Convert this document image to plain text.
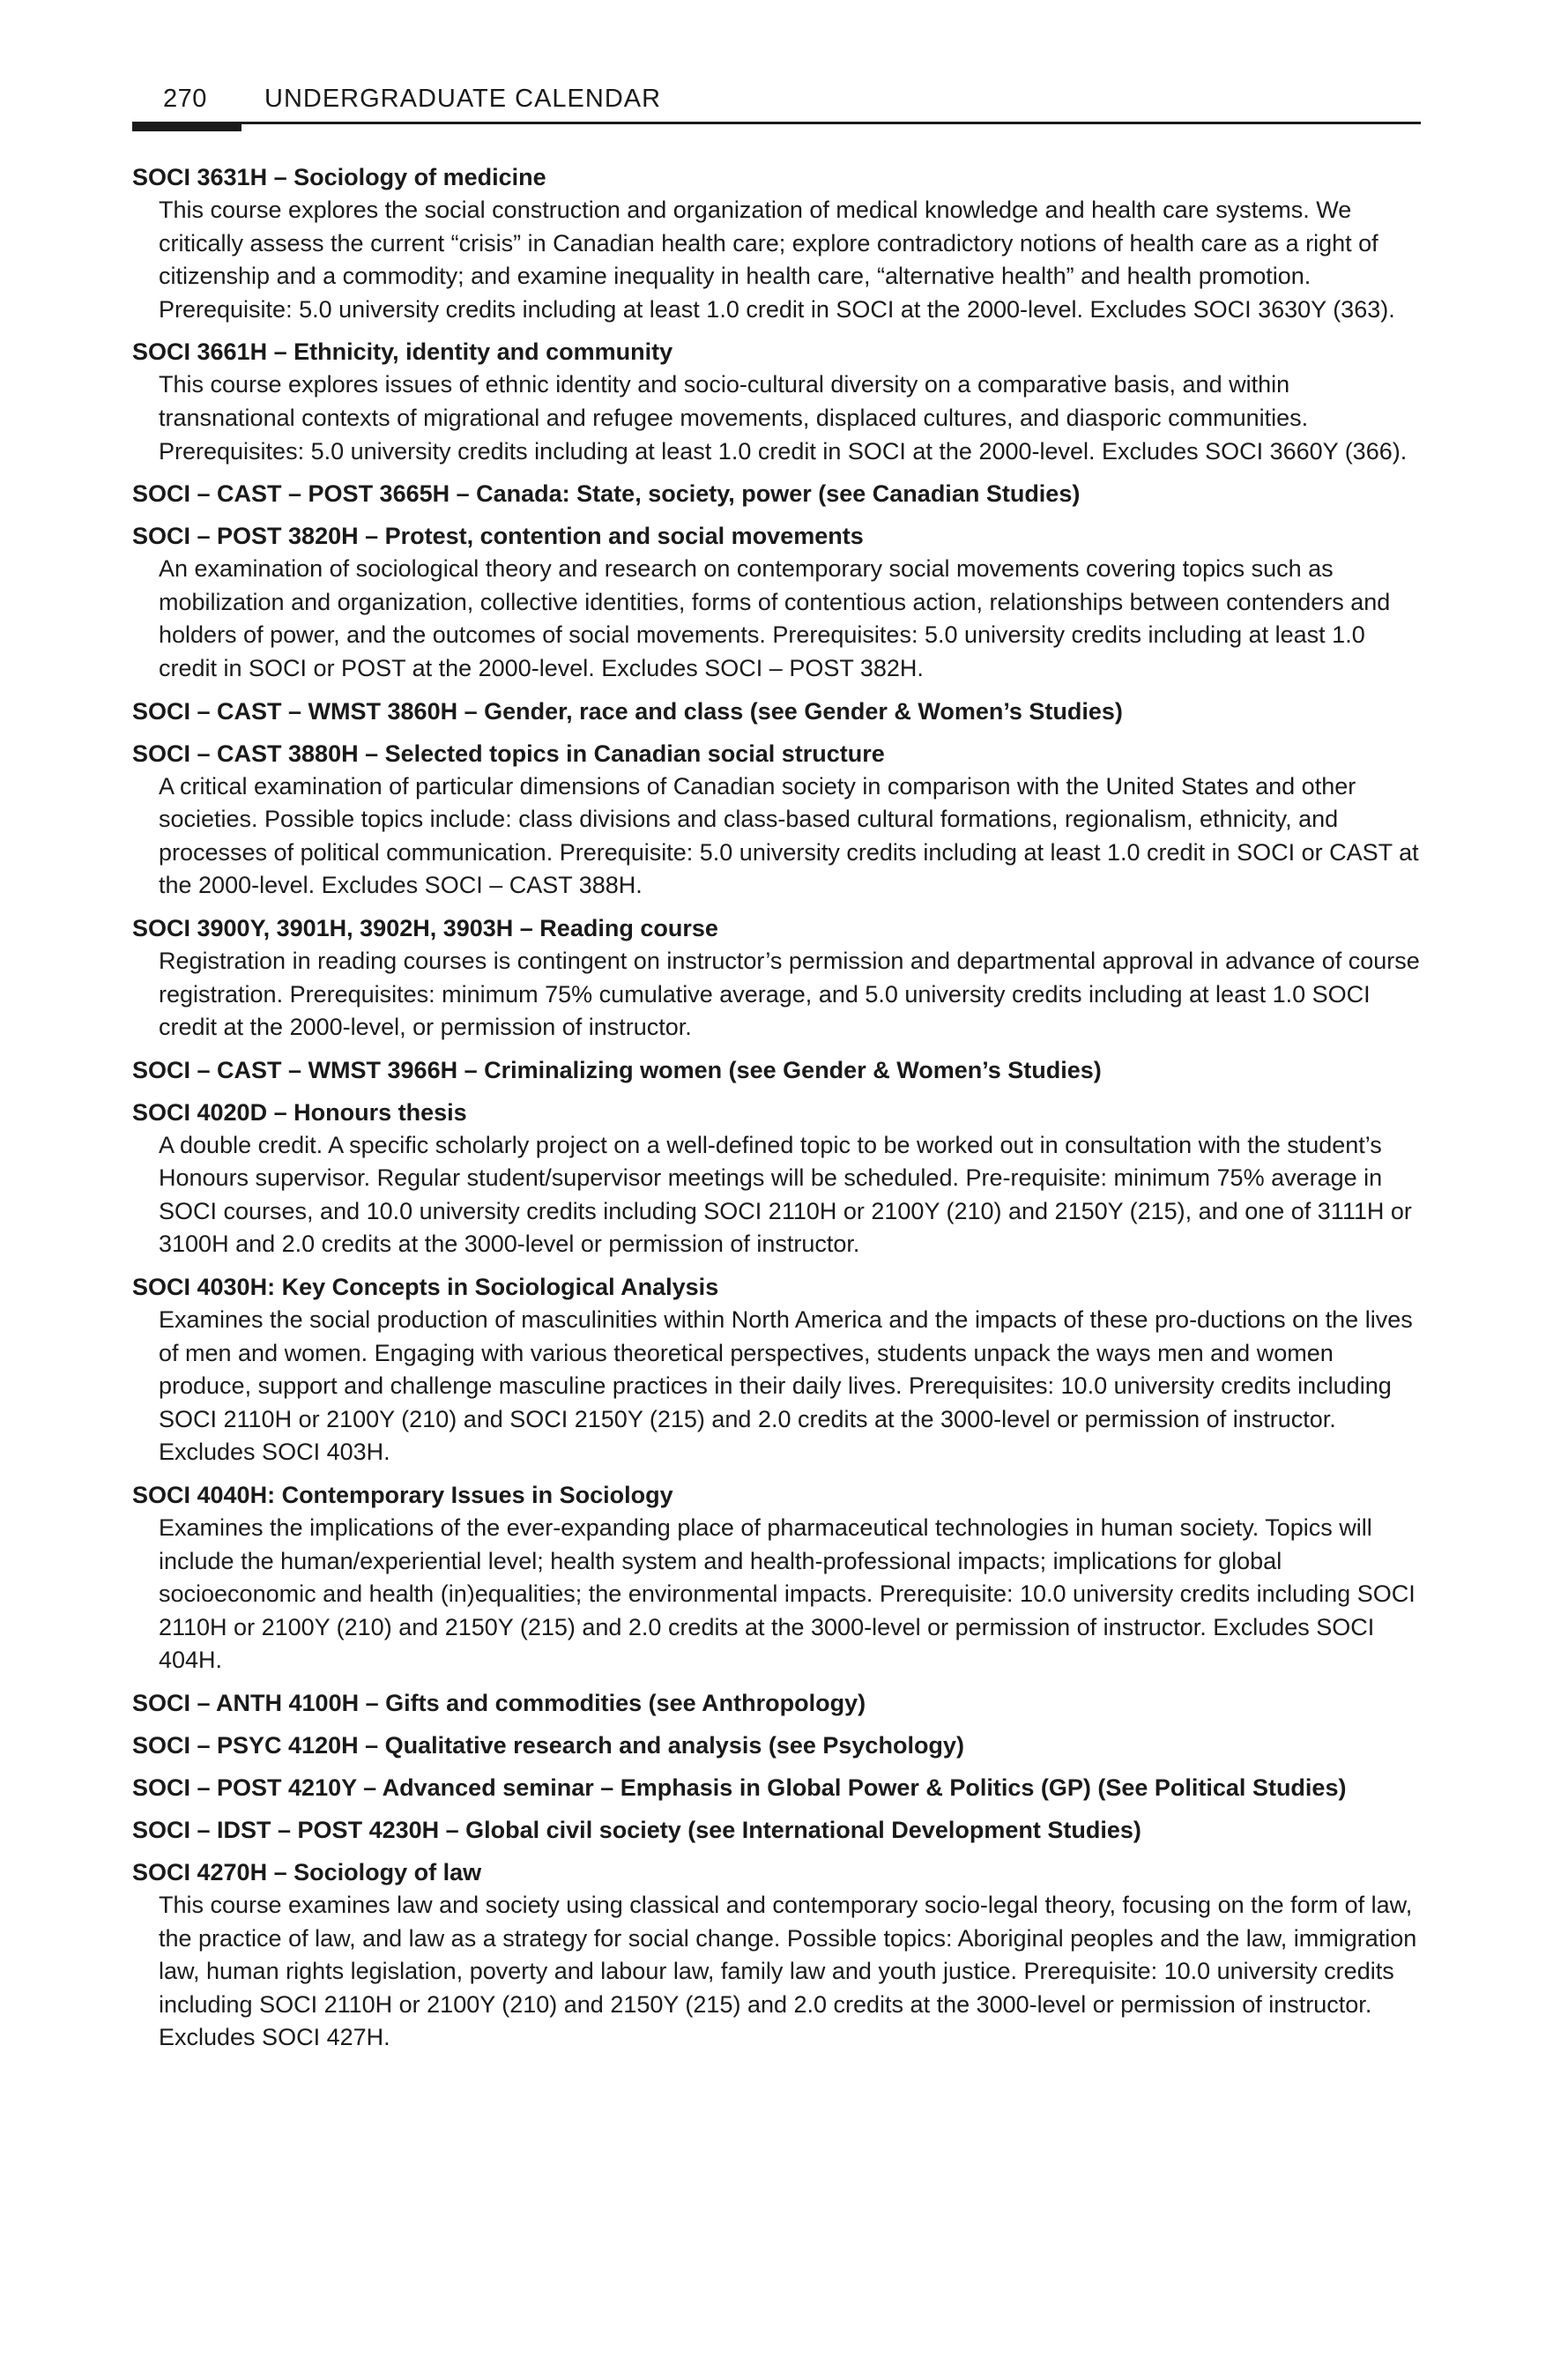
270 UNDERGRADUATE CALENDAR

SOCI 3631H – Sociology of medicine

This course explores the social construction and organization of medical knowledge and health care systems. We critically assess the current “crisis” in Canadian health care; explore contradictory notions of health care as a right of citizenship and a commodity; and examine inequality in health care, “alternative health” and health promotion. Prerequisite: 5.0 university credits including at least 1.0 credit in SOCI at the 2000-level. Excludes SOCI 3630Y (363).

SOCI 3661H – Ethnicity, identity and community

This course explores issues of ethnic identity and socio-cultural diversity on a comparative basis, and within transnational contexts of migrational and refugee movements, displaced cultures, and diasporic communities. Prerequisites: 5.0 university credits including at least 1.0 credit in SOCI at the 2000-level. Excludes SOCI 3660Y (366).

SOCI – CAST – POST 3665H – Canada: State, society, power (see Canadian Studies)

SOCI – POST 3820H – Protest, contention and social movements

An examination of sociological theory and research on contemporary social movements covering topics such as mobilization and organization, collective identities, forms of contentious action, relationships between contenders and holders of power, and the outcomes of social movements. Prerequisites: 5.0 university credits including at least 1.0 credit in SOCI or POST at the 2000-level. Excludes SOCI – POST 382H.

SOCI – CAST – WMST 3860H – Gender, race and class (see Gender & Women’s Studies)

SOCI – CAST 3880H – Selected topics in Canadian social structure

A critical examination of particular dimensions of Canadian society in comparison with the United States and other societies. Possible topics include: class divisions and class-based cultural formations, regionalism, ethnicity, and processes of political communication. Prerequisite: 5.0 university credits including at least 1.0 credit in SOCI or CAST at the 2000-level. Excludes SOCI – CAST 388H.

SOCI 3900Y, 3901H, 3902H, 3903H – Reading course

Registration in reading courses is contingent on instructor’s permission and departmental approval in advance of course registration. Prerequisites: minimum 75% cumulative average, and 5.0 university credits including at least 1.0 SOCI credit at the 2000-level, or permission of instructor.

SOCI – CAST – WMST 3966H – Criminalizing women (see Gender & Women’s Studies)

SOCI 4020D – Honours thesis

A double credit. A specific scholarly project on a well-defined topic to be worked out in consultation with the student’s Honours supervisor. Regular student/supervisor meetings will be scheduled. Pre-requisite: minimum 75% average in SOCI courses, and 10.0 university credits including SOCI 2110H or 2100Y (210) and 2150Y (215), and one of 3111H or 3100H and 2.0 credits at the 3000-level or permission of instructor.

SOCI 4030H: Key Concepts in Sociological Analysis

Examines the social production of masculinities within North America and the impacts of these pro-ductions on the lives of men and women. Engaging with various theoretical perspectives, students unpack the ways men and women produce, support and challenge masculine practices in their daily lives. Prerequisites: 10.0 university credits including SOCI 2110H or 2100Y (210) and SOCI 2150Y (215) and 2.0 credits at the 3000-level or permission of instructor. Excludes SOCI 403H.

SOCI 4040H: Contemporary Issues in Sociology

Examines the implications of the ever-expanding place of pharmaceutical technologies in human society. Topics will include the human/experiential level; health system and health-professional impacts; implications for global socioeconomic and health (in)equalities; the environmental impacts. Prerequisite: 10.0 university credits including SOCI 2110H or 2100Y (210) and 2150Y (215) and 2.0 credits at the 3000-level or permission of instructor. Excludes SOCI 404H.

SOCI – ANTH 4100H – Gifts and commodities (see Anthropology)

SOCI – PSYC 4120H – Qualitative research and analysis (see Psychology)

SOCI – POST 4210Y – Advanced seminar – Emphasis in Global Power & Politics (GP) (See Political Studies)

SOCI – IDST – POST 4230H – Global civil society (see International Development Studies)

SOCI 4270H – Sociology of law

This course examines law and society using classical and contemporary socio-legal theory, focusing on the form of law, the practice of law, and law as a strategy for social change. Possible topics: Aboriginal peoples and the law, immigration law, human rights legislation, poverty and labour law, family law and youth justice. Prerequisite: 10.0 university credits including SOCI 2110H or 2100Y (210) and 2150Y (215) and 2.0 credits at the 3000-level or permission of instructor. Excludes SOCI 427H.
